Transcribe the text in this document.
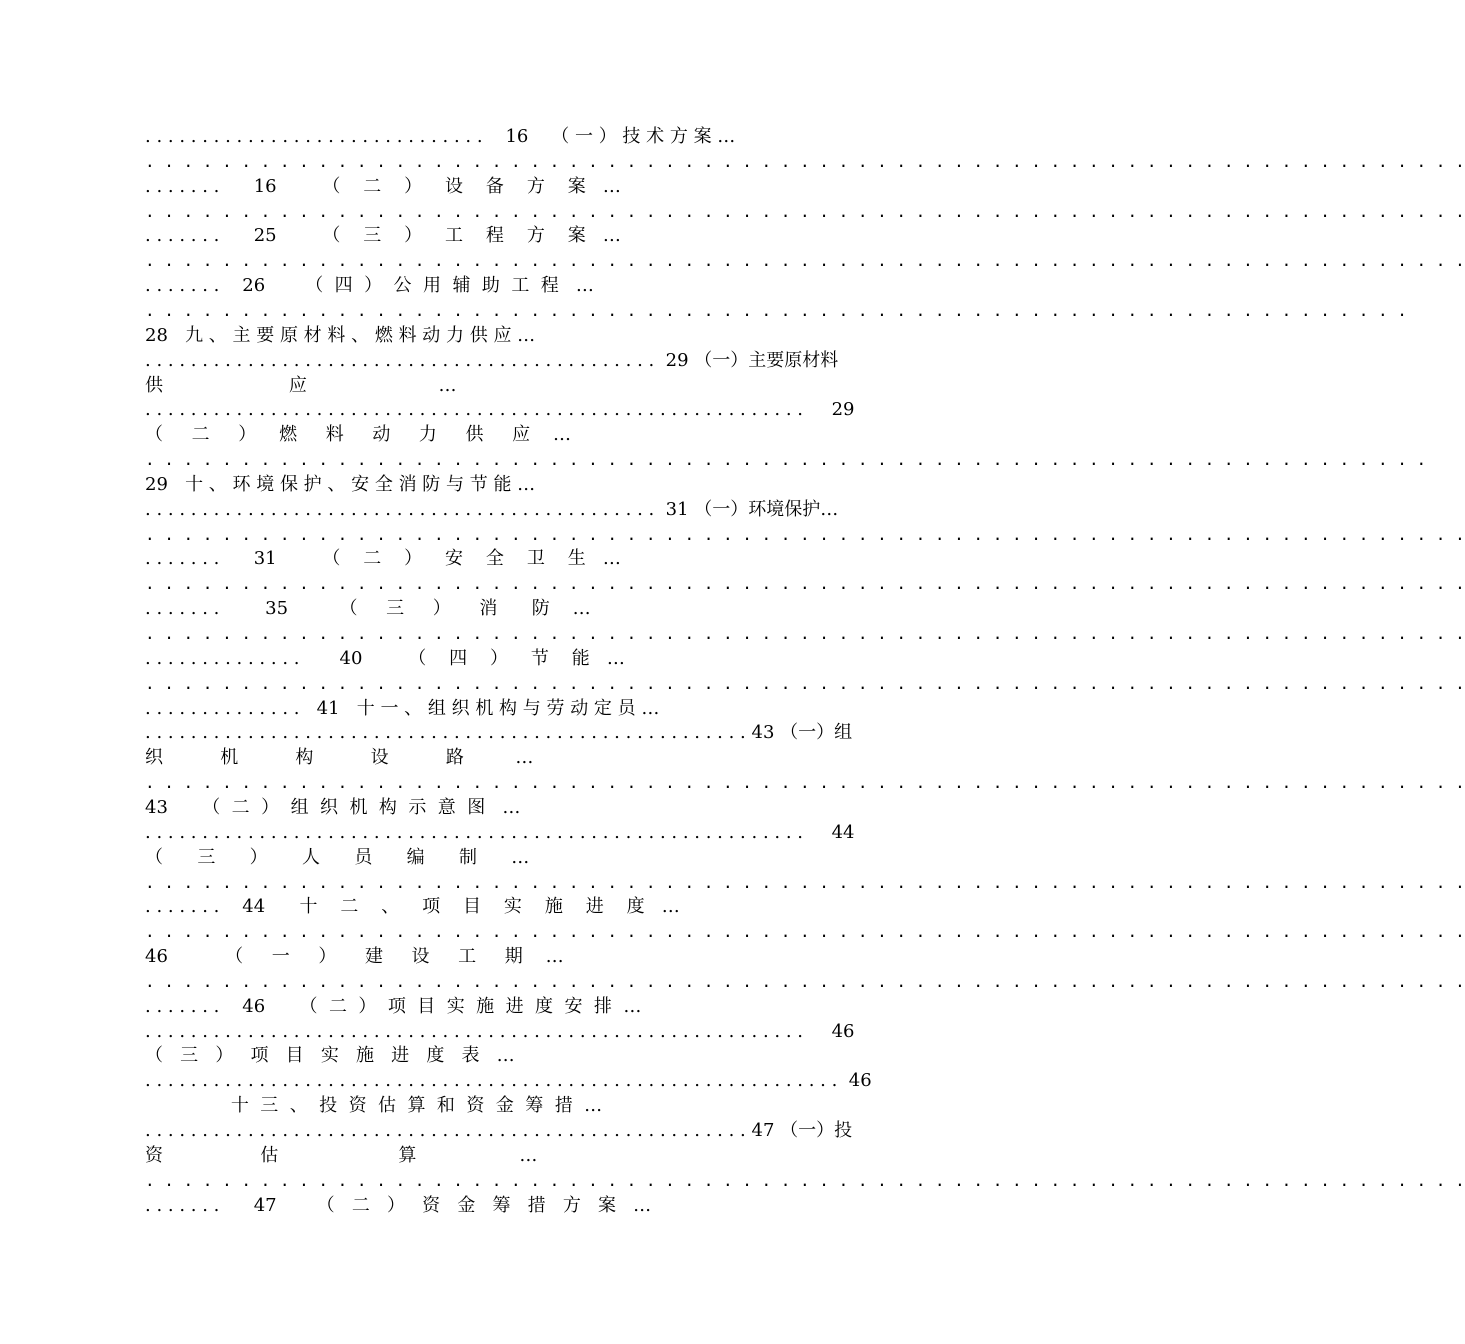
. . . . . . . . . . . . . . . . . . . . . . . . . . . . . .    16    （ 一 ） 技 术 方 案 …
. . . . . . . . . . . . . . . . . . . . . . . . . . . . . . . . . . . . . . . . . . . . . . . . . . . . . . . . . . . . . . . . . . . . .
. . . . . . .      16        （    二    ）    设    备    方    案   …
. . . . . . . . . . . . . . . . . . . . . . . . . . . . . . . . . . . . . . . . . . . . . . . . . . . . . . . . . . . . . . . . . . . . .
. . . . . . .      25        （    三    ）    工    程    方    案   …
. . . . . . . . . . . . . . . . . . . . . . . . . . . . . . . . . . . . . . . . . . . . . . . . . . . . . . . . . . . . . . . . . . . . .
. . . . . . .    26       （  四  ）  公  用  辅  助  工  程   …
. . . . . . . . . . . . . . . . . . . . . . . . . . . . . . . . . . . . . . . . . . . . . . . . . . . . . . . . . . . . . . . . . .
28   九 、 主 要 原 材 料 、 燃 料 动 力 供 应 …
. . . . . . . . . . . . . . . . . . . . . . . . . . . . . . . . . . . . . . . . . . . . .  29 （一）主要原材料
供                      应                       …
. . . . . . . . . . . . . . . . . . . . . . . . . . . . . . . . . . . . . . . . . . . . . . . . . . . . . . . . . .     29
（     二     ）    燃     料     动     力     供     应    …
. . . . . . . . . . . . . . . . . . . . . . . . . . . . . . . . . . . . . . . . . . . . . . . . . . . . . . . . . . . . . . . . . . .
29   十 、 环 境 保 护 、 安 全 消 防 与 节 能 …
. . . . . . . . . . . . . . . . . . . . . . . . . . . . . . . . . . . . . . . . . . . . .  31 （一）环境保护…
. . . . . . . . . . . . . . . . . . . . . . . . . . . . . . . . . . . . . . . . . . . . . . . . . . . . . . . . . . . . . . . . . . . . .
. . . . . . .      31        （    二    ）    安    全    卫    生   …
. . . . . . . . . . . . . . . . . . . . . . . . . . . . . . . . . . . . . . . . . . . . . . . . . . . . . . . . . . . . . . . . . . . . .
. . . . . . .        35         （     三     ）     消      防    …
. . . . . . . . . . . . . . . . . . . . . . . . . . . . . . . . . . . . . . . . . . . . . . . . . . . . . . . . . . . . . . . . . . . . .
. . . . . . . . . . . . . .       40        （    四    ）    节    能   …
. . . . . . . . . . . . . . . . . . . . . . . . . . . . . . . . . . . . . . . . . . . . . . . . . . . . . . . . . . . . . . . . . . . . .
. . . . . . . . . . . . . .   41   十 一 、 组 织 机 构 与 劳 动 定 员 …
. . . . . . . . . . . . . . . . . . . . . . . . . . . . . . . . . . . . . . . . . . . . . . . . . . . . . 43 （一）组
织          机          构          设          路         …
. . . . . . . . . . . . . . . . . . . . . . . . . . . . . . . . . . . . . . . . . . . . . . . . . . . . . . . . . . . . . . . . . . . . .
43      （  二  ）  组  织  机  构  示  意  图   …
. . . . . . . . . . . . . . . . . . . . . . . . . . . . . . . . . . . . . . . . . . . . . . . . . . . . . . . . . .     44
（      三      ）      人      员      编      制      …
. . . . . . . . . . . . . . . . . . . . . . . . . . . . . . . . . . . . . . . . . . . . . . . . . . . . . . . . . . . . . . . . . . . . .
. . . . . . .    44      十    二    、    项    目    实    施    进    度   …
. . . . . . . . . . . . . . . . . . . . . . . . . . . . . . . . . . . . . . . . . . . . . . . . . . . . . . . . . . . . . . . . . . . . .
46          （     一     ）     建     设     工     期    …
. . . . . . . . . . . . . . . . . . . . . . . . . . . . . . . . . . . . . . . . . . . . . . . . . . . . . . . . . . . . . . . . . . . . .
. . . . . . .    46      （  二  ）  项  目  实  施  进  度  安  排  …
. . . . . . . . . . . . . . . . . . . . . . . . . . . . . . . . . . . . . . . . . . . . . . . . . . . . . . . . . .     46
（   三   ）   项   目   实   施   进   度   表   …
. . . . . . . . . . . . . . . . . . . . . . . . . . . . . . . . . . . . . . . . . . . . . . . . . . . . . . . . . . . . .  46
十  三  、  投  资  估  算  和  资  金  筹  措  …
. . . . . . . . . . . . . . . . . . . . . . . . . . . . . . . . . . . . . . . . . . . . . . . . . . . . . 47 （一）投
资                 估                     算                  …
. . . . . . . . . . . . . . . . . . . . . . . . . . . . . . . . . . . . . . . . . . . . . . . . . . . . . . . . . . . . . . . . . . . . .
. . . . . . .      47       （   二   ）   资   金   筹   措   方   案   …
